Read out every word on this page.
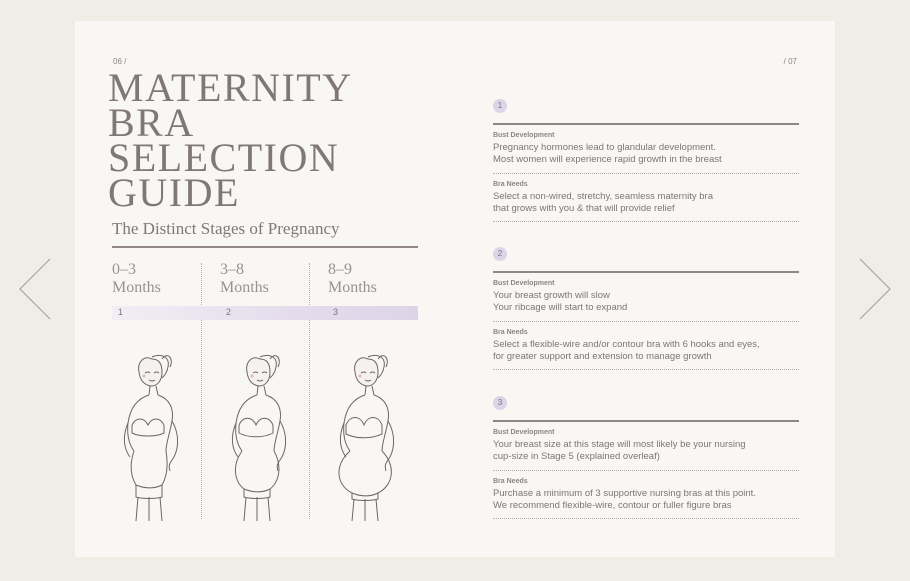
06 /	/ 07
MATERNITY
BRA
SELECTION
GUIDE
The Distinct Stages of Pregnancy
0–3
Months
3–8
Months
8–9
Months
1	2	3
1
Bust Development
Pregnancy hormones lead to glandular development.
Most women will experience rapid growth in the breast
Bra Needs
Select a non-wired, stretchy, seamless maternity bra
that grows with you & that will provide relief
2
Bust Development
Your breast growth will slow
Your ribcage will start to expand
Bra Needs
Select a flexible-wire and/or contour bra with 6 hooks and eyes,
for greater support and extension to manage growth
3
Bust Development
Your breast size at this stage will most likely be your nursing
cup-size in Stage 5 (explained overleaf)
Bra Needs
Purchase a minimum of 3 supportive nursing bras at this point.
We recommend flexible-wire, contour or fuller figure bras
